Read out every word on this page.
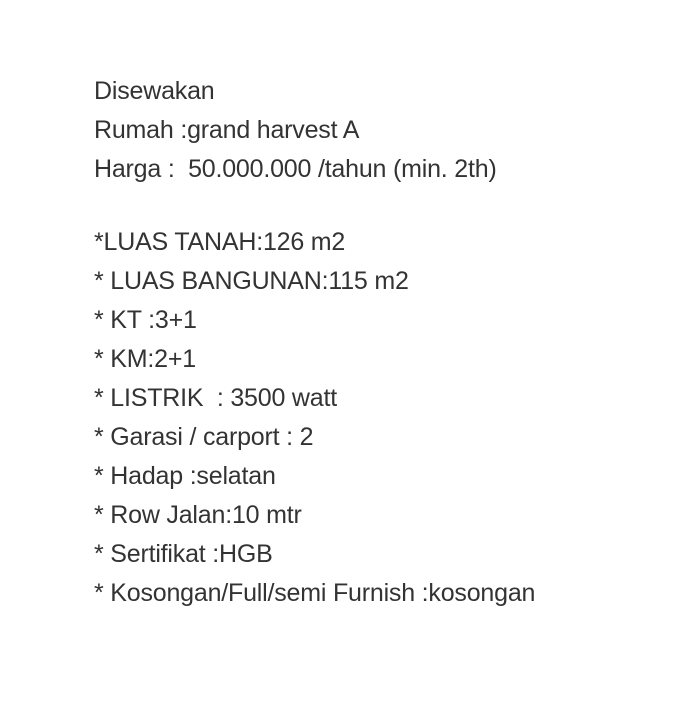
Disewakan
Rumah :grand harvest A
Harga :  50.000.000 /tahun (min. 2th)
*LUAS TANAH:126 m2
* LUAS BANGUNAN:115 m2
* KT :3+1
* KM:2+1
* LISTRIK  : 3500 watt
* Garasi / carport : 2
* Hadap :selatan
* Row Jalan:10 mtr
* Sertifikat :HGB
* Kosongan/Full/semi Furnish :kosongan
